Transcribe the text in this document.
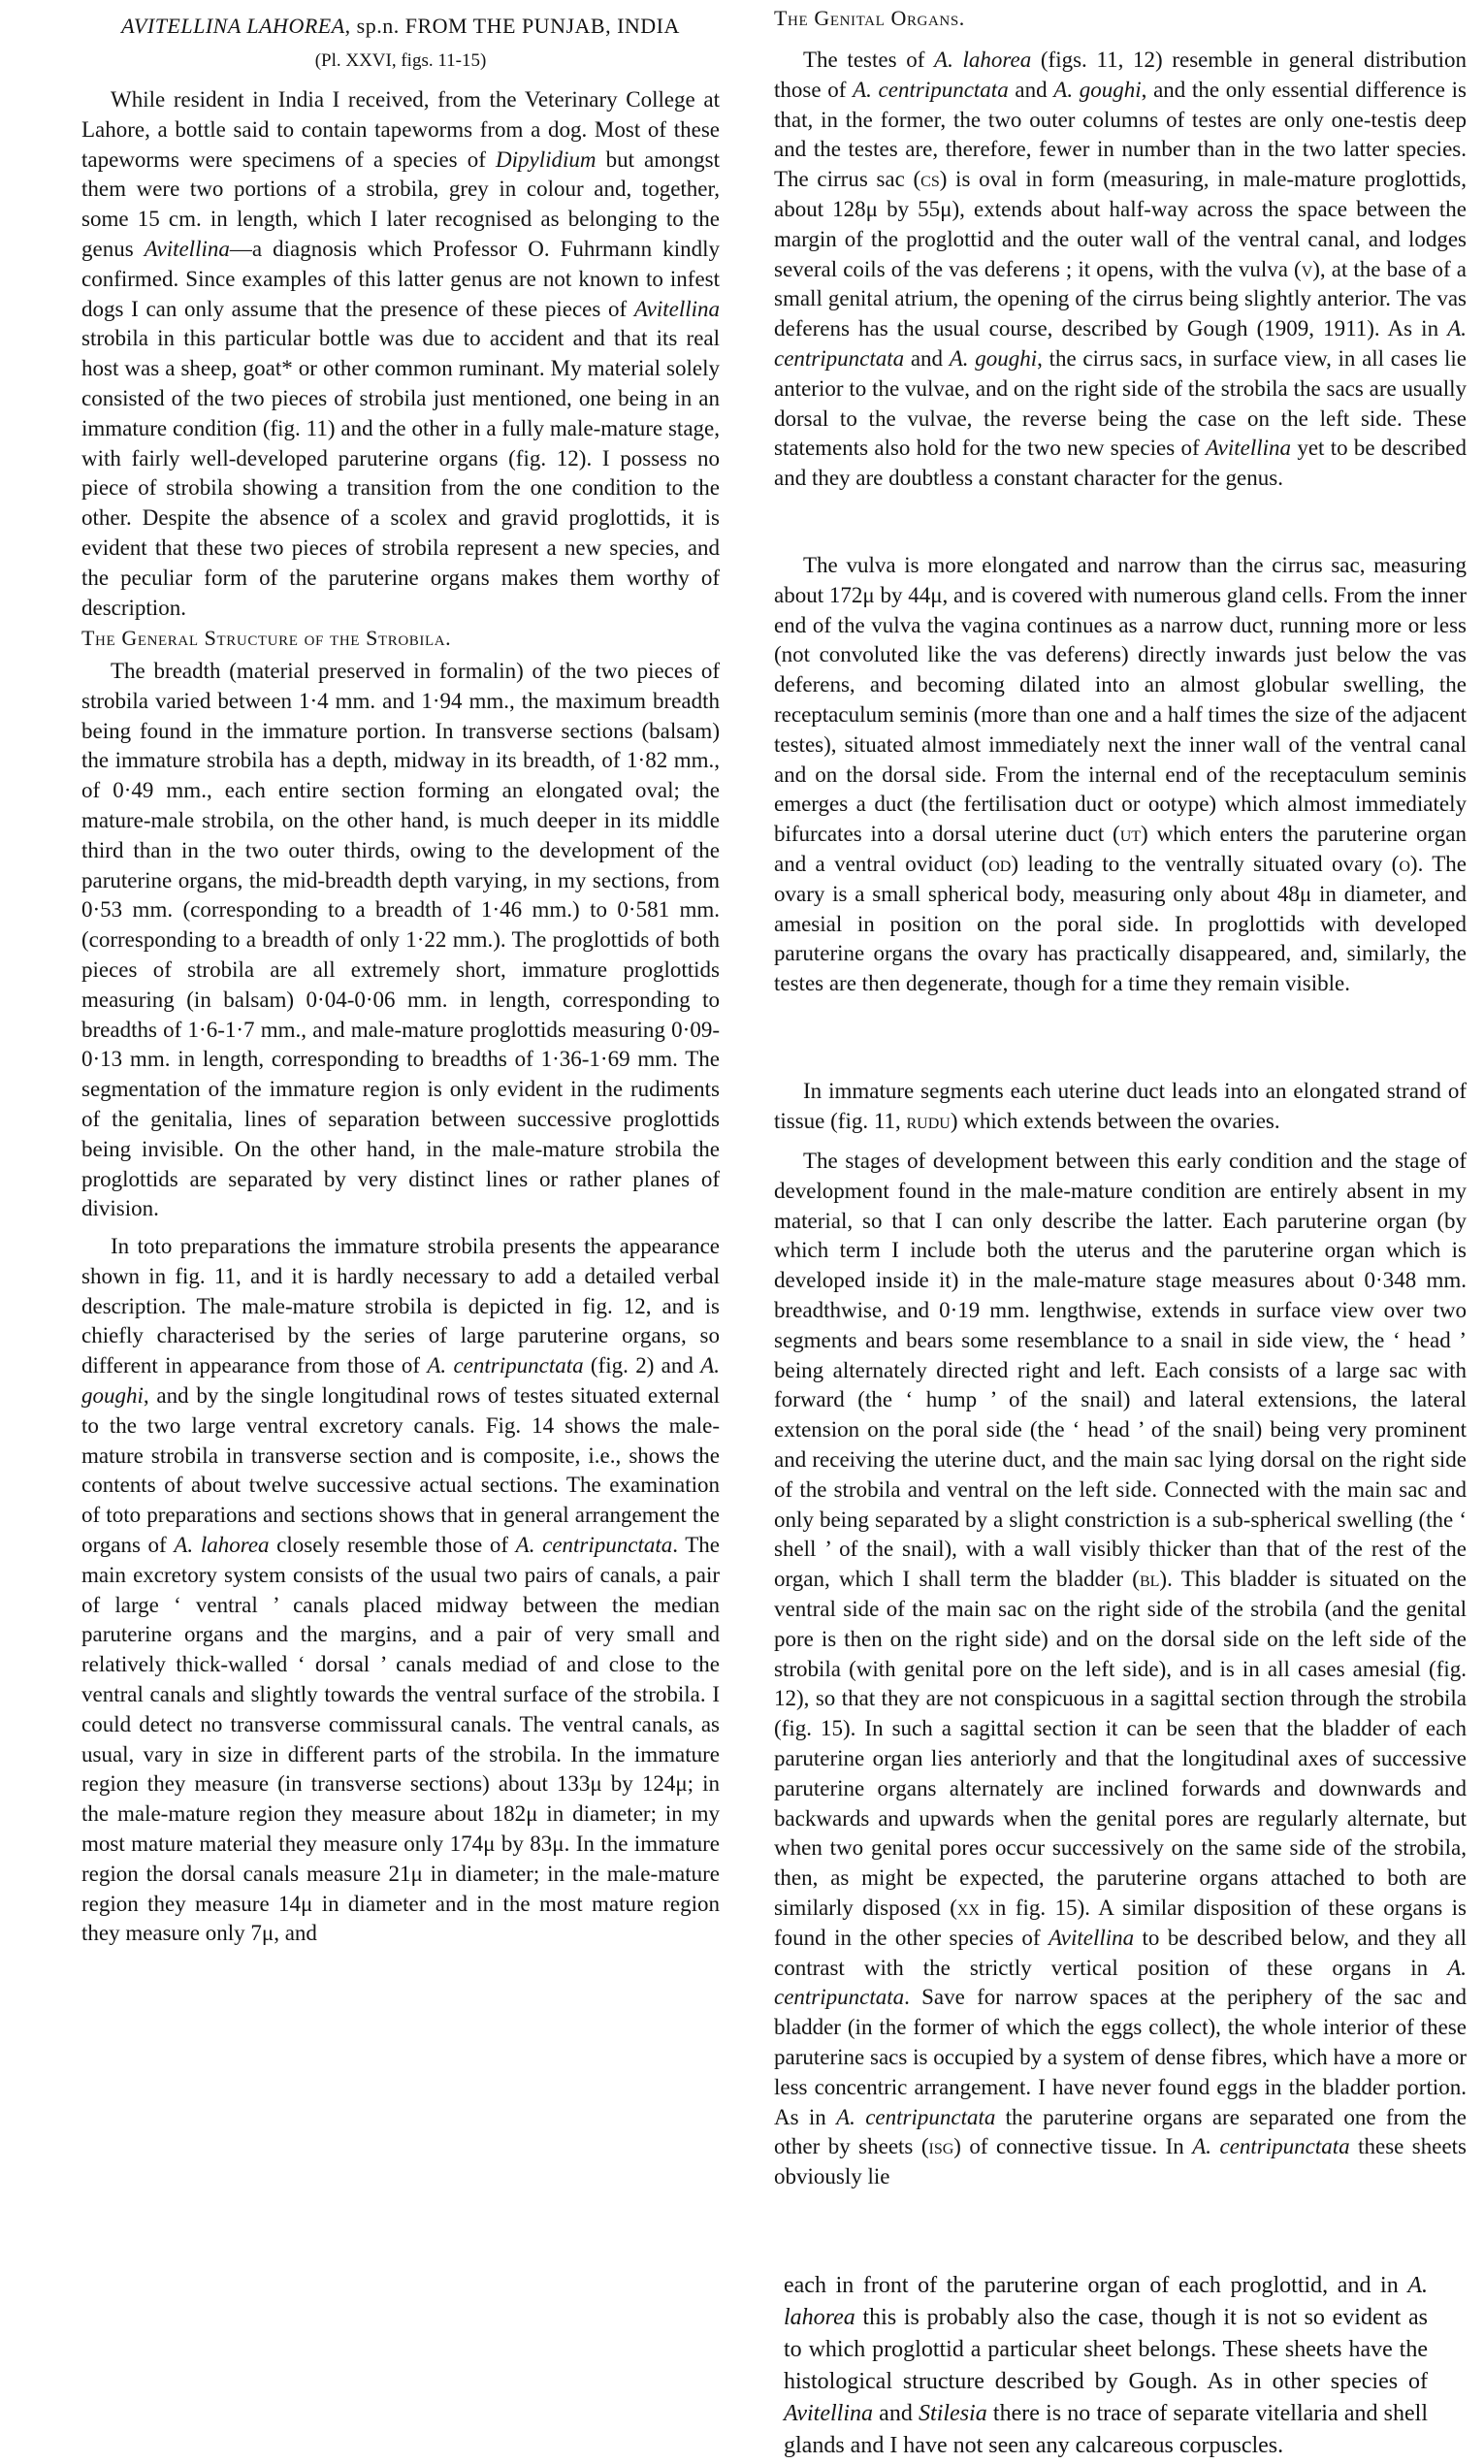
AVITELLINA LAHOREA, sp.n. FROM THE PUNJAB, INDIA
(Pl. XXVI, figs. 11-15)

While resident in India I received, from the Veterinary College at Lahore, a bottle said to contain tapeworms from a dog. Most of these tapeworms were specimens of a species of Dipylidium but amongst them were two portions of a strobila, grey in colour and, together, some 15 cm. in length, which I later recognised as belonging to the genus Avitellina—a diagnosis which Professor O. Fuhrmann kindly confirmed. Since examples of this latter genus are not known to infest dogs I can only assume that the presence of these pieces of Avitellina strobila in this particular bottle was due to accident and that its real host was a sheep, goat* or other common ruminant. My material solely consisted of the two pieces of strobila just mentioned, one being in an immature condition (fig. 11) and the other in a fully male-mature stage, with fairly well-developed paruterine organs (fig. 12). I possess no piece of strobila showing a transition from the one condition to the other. Despite the absence of a scolex and gravid proglottids, it is evident that these two pieces of strobila represent a new species, and the peculiar form of the paruterine organs makes them worthy of description.

The General Structure of the Strobila.

The breadth (material preserved in formalin) of the two pieces of strobila varied between 1·4 mm. and 1·94 mm., the maximum breadth being found in the immature portion. In transverse sections (balsam) the immature strobila has a depth, midway in its breadth, of 1·82 mm., of 0·49 mm., each entire section forming an elongated oval; the mature-male strobila, on the other hand, is much deeper in its middle third than in the two outer thirds, owing to the development of the paruterine organs, the mid-breadth depth varying, in my sections, from 0·53 mm. (corresponding to a breadth of 1·46 mm.) to 0·581 mm. (corresponding to a breadth of only 1·22 mm.). The proglottids of both pieces of strobila are all extremely short, immature proglottids measuring (in balsam) 0·04-0·06 mm. in length, corresponding to breadths of 1·6-1·7 mm., and male-mature proglottids measuring 0·09-0·13 mm. in length, corresponding to breadths of 1·36-1·69 mm. The segmentation of the immature region is only evident in the rudiments of the genitalia, lines of separation between successive proglottids being invisible. On the other hand, in the male-mature strobila the proglottids are separated by very distinct lines or rather planes of division.

In toto preparations the immature strobila presents the appearance shown in fig. 11, and it is hardly necessary to add a detailed verbal description. The male-mature strobila is depicted in fig. 12, and is chiefly characterised by the series of large paruterine organs, so different in appearance from those of A. centripunctata (fig. 2) and A. goughi, and by the single longitudinal rows of testes situated external to the two large ventral excretory canals. Fig. 14 shows the male-mature strobila in transverse section and is composite, i.e., shows the contents of about twelve successive actual sections. The examination of toto preparations and sections shows that in general arrangement the organs of A. lahorea closely resemble those of A. centripunctata. The main excretory system consists of the usual two pairs of canals, a pair of large ‘ ventral ’ canals placed midway between the median paruterine organs and the margins, and a pair of very small and relatively thick-walled ‘ dorsal ’ canals mediad of and close to the ventral canals and slightly towards the ventral surface of the strobila. I could detect no transverse commissural canals. The ventral canals, as usual, vary in size in different parts of the strobila. In the immature region they measure (in transverse sections) about 133μ by 124μ; in the male-mature region they measure about 182μ in diameter; in my most mature material they measure only 174μ by 83μ. In the immature region the dorsal canals measure 21μ in diameter; in the male-mature region they measure 14μ in diameter and in the most mature region they measure only 7μ, and

The Genital Organs.

The testes of A. lahorea (figs. 11, 12) resemble in general distribution those of A. centripunctata and A. goughi, and the only essential difference is that, in the former, the two outer columns of testes are only one-testis deep and the testes are, therefore, fewer in number than in the two latter species. The cirrus sac (cs) is oval in form (measuring, in male-mature proglottids, about 128μ by 55μ), extends about half-way across the space between the margin of the proglottid and the outer wall of the ventral canal, and lodges several coils of the vas deferens ; it opens, with the vulva (v), at the base of a small genital atrium, the opening of the cirrus being slightly anterior. The vas deferens has the usual course, described by Gough (1909, 1911). As in A. centripunctata and A. goughi, the cirrus sacs, in surface view, in all cases lie anterior to the vulvae, and on the right side of the strobila the sacs are usually dorsal to the vulvae, the reverse being the case on the left side. These statements also hold for the two new species of Avitellina yet to be described and they are doubtless a constant character for the genus.

The vulva is more elongated and narrow than the cirrus sac, measuring about 172μ by 44μ, and is covered with numerous gland cells. From the inner end of the vulva the vagina continues as a narrow duct, running more or less (not convoluted like the vas deferens) directly inwards just below the vas deferens, and becoming dilated into an almost globular swelling, the receptaculum seminis (more than one and a half times the size of the adjacent testes), situated almost immediately next the inner wall of the ventral canal and on the dorsal side. From the internal end of the receptaculum seminis emerges a duct (the fertilisation duct or ootype) which almost immediately bifurcates into a dorsal uterine duct (ut) which enters the paruterine organ and a ventral oviduct (od) leading to the ventrally situated ovary (o). The ovary is a small spherical body, measuring only about 48μ in diameter, and amesial in position on the poral side. In proglottids with developed paruterine organs the ovary has practically disappeared, and, similarly, the testes are then degenerate, though for a time they remain visible.

In immature segments each uterine duct leads into an elongated strand of tissue (fig. 11, rudu) which extends between the ovaries.

The stages of development between this early condition and the stage of development found in the male-mature condition are entirely absent in my material, so that I can only describe the latter. Each paruterine organ (by which term I include both the uterus and the paruterine organ which is developed inside it) in the male-mature stage measures about 0·348 mm. breadthwise, and 0·19 mm. lengthwise, extends in surface view over two segments and bears some resemblance to a snail in side view, the ‘ head ’ being alternately directed right and left. Each consists of a large sac with forward (the ‘ hump ’ of the snail) and lateral extensions, the lateral extension on the poral side (the ‘ head ’ of the snail) being very prominent and receiving the uterine duct, and the main sac lying dorsal on the right side of the strobila and ventral on the left side. Connected with the main sac and only being separated by a slight constriction is a sub-spherical swelling (the ‘ shell ’ of the snail), with a wall visibly thicker than that of the rest of the organ, which I shall term the bladder (bl). This bladder is situated on the ventral side of the main sac on the right side of the strobila (and the genital pore is then on the right side) and on the dorsal side on the left side of the strobila (with genital pore on the left side), and is in all cases amesial (fig. 12), so that they are not conspicuous in a sagittal section through the strobila (fig. 15). In such a sagittal section it can be seen that the bladder of each paruterine organ lies anteriorly and that the longitudinal axes of successive paruterine organs alternately are inclined forwards and downwards and backwards and upwards when the genital pores are regularly alternate, but when two genital pores occur successively on the same side of the strobila, then, as might be expected, the paruterine organs attached to both are similarly disposed (xx in fig. 15). A similar disposition of these organs is found in the other species of Avitellina to be described below, and they all contrast with the strictly vertical position of these organs in A. centripunctata. Save for narrow spaces at the periphery of the sac and bladder (in the former of which the eggs collect), the whole interior of these paruterine sacs is occupied by a system of dense fibres, which have a more or less concentric arrangement. I have never found eggs in the bladder portion. As in A. centripunctata the paruterine organs are separated one from the other by sheets (isg) of connective tissue. In A. centripunctata these sheets obviously lie

each in front of the paruterine organ of each proglottid, and in A. lahorea this is probably also the case, though it is not so evident as to which proglottid a particular sheet belongs. These sheets have the histological structure described by Gough. As in other species of Avitellina and Stilesia there is no trace of separate vitellaria and shell glands and I have not seen any calcareous corpuscles.
